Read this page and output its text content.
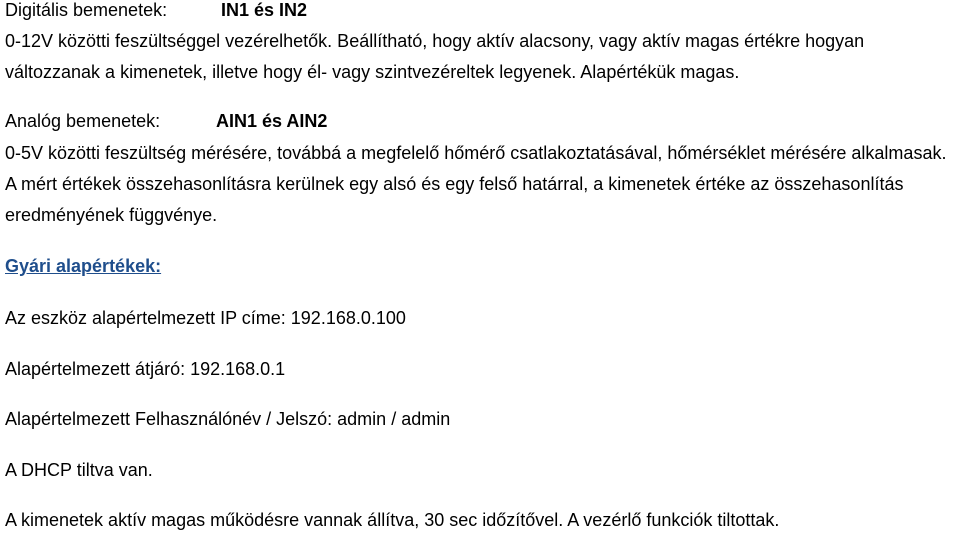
Digitális bemenetek:	IN1 és IN2
0-12V közötti feszültséggel vezérelhetők. Beállítható, hogy aktív alacsony, vagy aktív magas értékre hogyan változzanak a kimenetek, illetve hogy él- vagy szintvezéreltek legyenek. Alapértékük magas.
Analóg bemenetek:	AIN1 és AIN2
0-5V közötti feszültség mérésére, továbbá a megfelelő hőmérő csatlakoztatásával, hőmérséklet mérésére alkalmasak. A mért értékek összehasonlításra kerülnek egy alsó és egy felső határral, a kimenetek értéke az összehasonlítás eredményének függvénye.
Gyári alapértékek:
Az eszköz alapértelmezett IP címe: 192.168.0.100
Alapértelmezett átjáró: 192.168.0.1
Alapértelmezett Felhasználónév / Jelszó: admin / admin
A DHCP tiltva van.
A kimenetek aktív magas működésre vannak állítva, 30 sec időzítővel. A vezérlő funkciók tiltottak.
